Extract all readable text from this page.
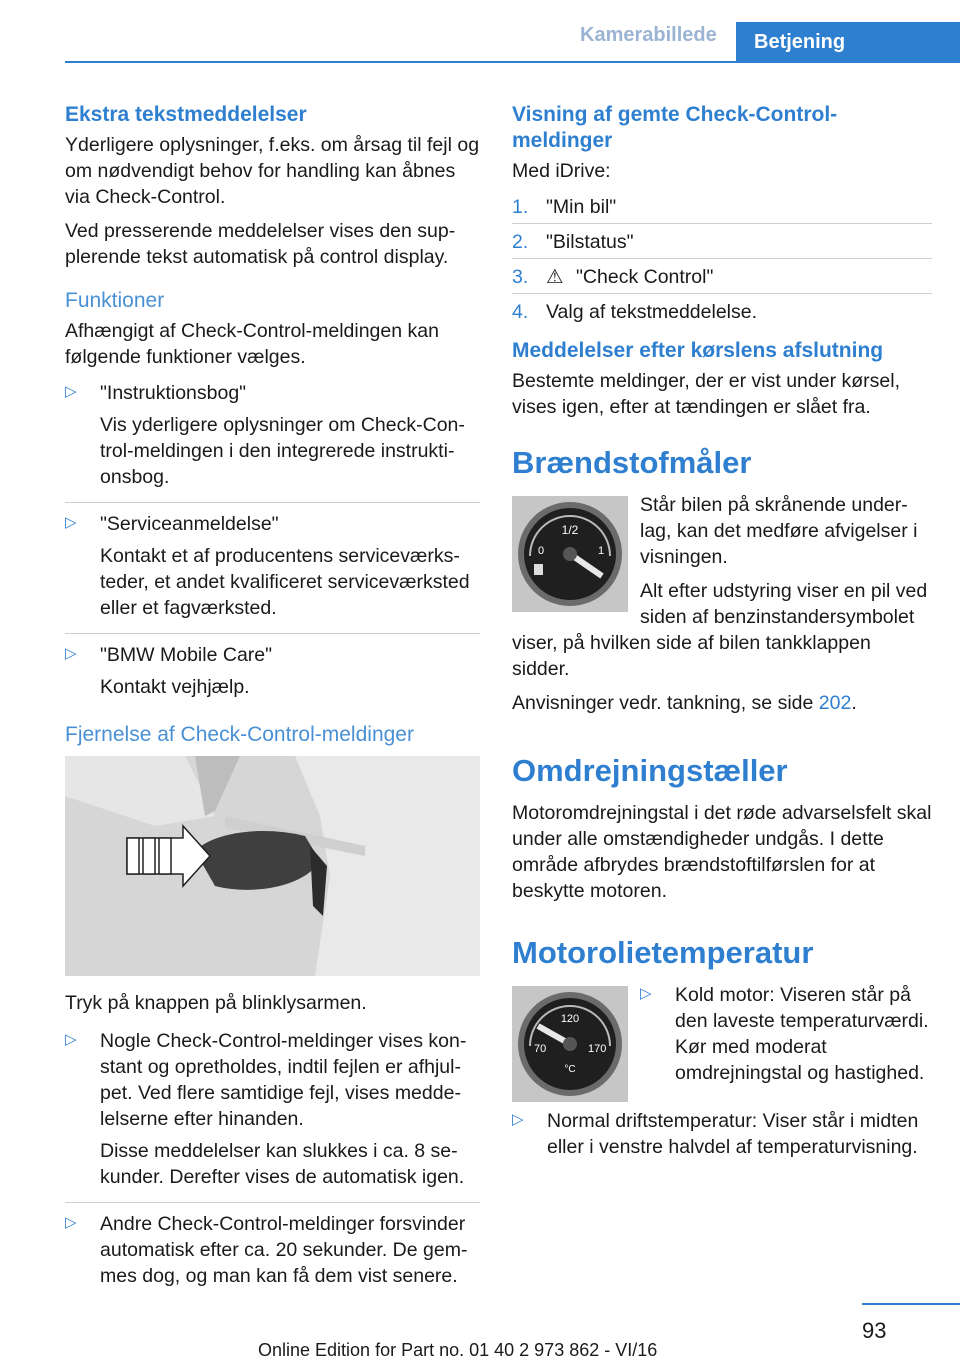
Kamerabillede Betjening
Ekstra tekstmeddelelser

Yderligere oplysninger, f.eks. om årsag til fejl og om nødvendigt behov for handling kan åbnes via Check-Control.

Ved presserende meddelelser vises den supplerende tekst automatisk på control display.

Funktioner

Afhængigt af Check-Control-meldingen kan følgende funktioner vælges.

▷ "Instruktionsbog"

Vis yderligere oplysninger om Check-Control-meldingen i den integrerede instruktionsbog.

▷ "Serviceanmeldelse"

Kontakt et af producentens serviceværksteder, et andet kvalificeret serviceværksted eller et fagværksted.

▷ "BMW Mobile Care"

Kontakt vejhjælp.

Fjernelse af Check-Control-meldinger

Tryk på knappen på blinklysarmen.

▷ Nogle Check-Control-meldinger vises konstant og opretholdes, indtil fejlen er afhjulpet. Ved flere samtidige fejl, vises meddelelserne efter hinanden.

Disse meddelelser kan slukkes i ca. 8 sekunder. Derefter vises de automatisk igen.

▷ Andre Check-Control-meldinger forsvinder automatisk efter ca. 20 sekunder. De gemmes dog, og man kan få dem vist senere.

Visning af gemte Check-Control-meldinger

Med iDrive:

1. "Min bil"

2. "Bilstatus"

3. ⚠ "Check Control"

4. Valg af tekstmeddelelse.

Meddelelser efter kørslens afslutning

Bestemte meldinger, der er vist under kørsel, vises igen, efter at tændingen er slået fra.

Brændstofmåler
1/2
0	1

Står bilen på skrånende underlag, kan det medføre afvigelser i visningen.

Alt efter udstyring viser en pil ved siden af benzinstandersymbolet viser, på hvilken side af bilen tankklappen sidder.

Anvisninger vedr. tankning, se side 202.

Omdrejningstæller

Motoromdrejningstal i det røde advarselsfelt skal under alle omstændigheder undgås. I dette område afbrydes brændstoftilførslen for at beskytte motoren.

Motorolietemperatur
120
70	170
°C
▷ Kold motor: Viseren står på den laveste temperaturværdi. Kør med moderat omdrejningstal og hastighed.

▷ Normal driftstemperatur: Viser står i midten eller i venstre halvdel af temperaturvisning.

93
Online Edition for Part no. 01 40 2 973 862 - VI/16
